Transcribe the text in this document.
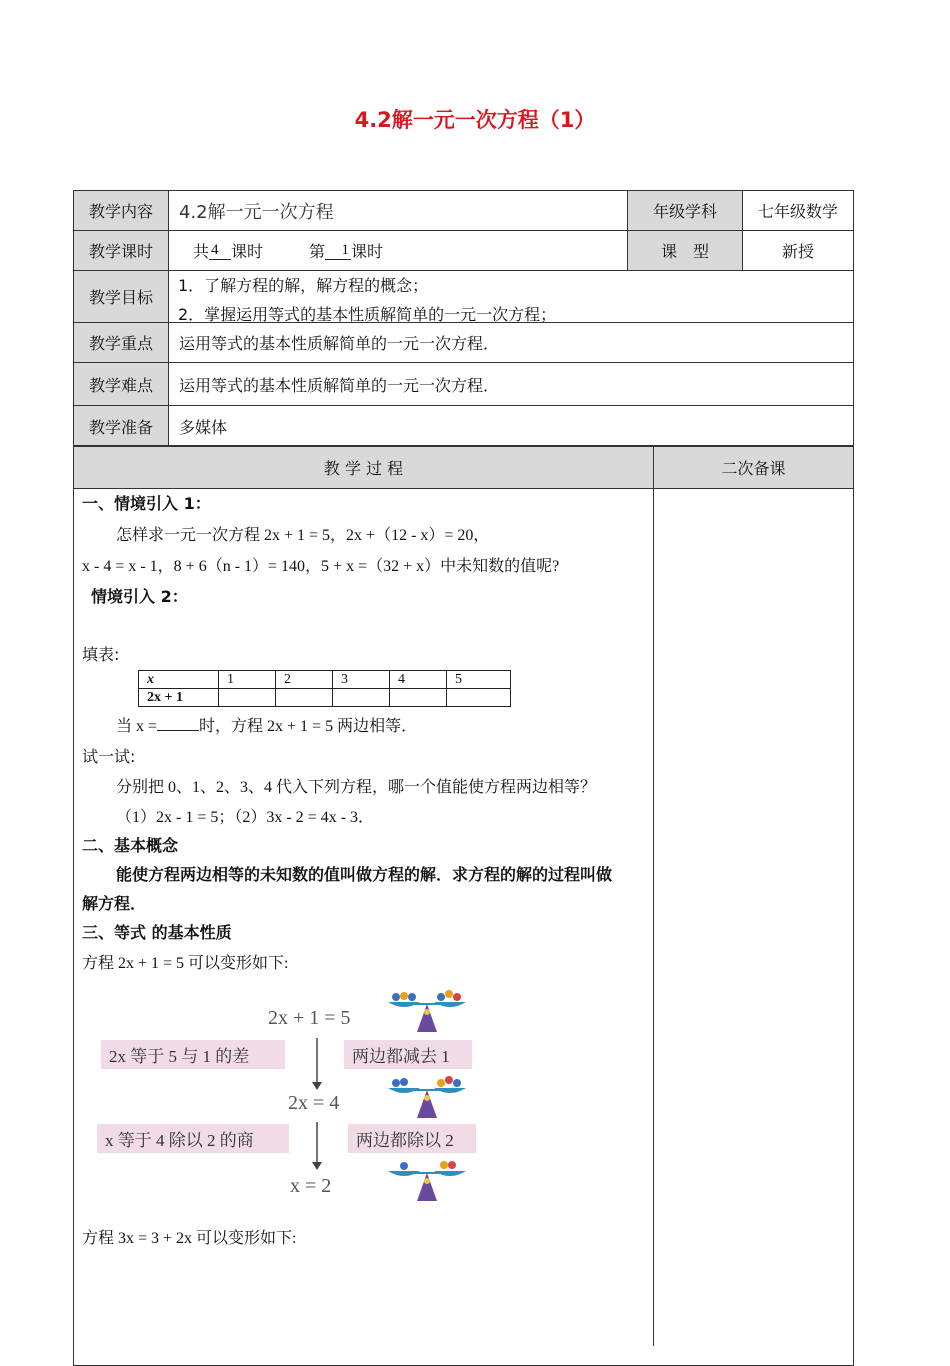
4.2解一元一次方程（1）
教学内容	4.2解一元一次方程	年级学科	七年级数学
教学课时	共 4 课时	第	1 课时	课　型	新授
教学目标
1．了解方程的解，解方程的概念；
2．掌握运用等式的基本性质解简单的一元一次方程；
教学重点	运用等式的基本性质解简单的一元一次方程．
教学难点	运用等式的基本性质解简单的一元一次方程．
教学准备	多媒体
教 学 过 程	二次备课
一、情境引入 1：
怎样求一元一次方程 2x + 1 = 5，2x +（12 - x）= 20，
x - 4 = x - 1，8 + 6（n - 1）= 140，5 + x =（32 + x）中未知数的值呢?
情境引入 2：
填表:
x	1	2	3	4	5
2x + 1					
当 x =	时，方程 2x + 1 = 5 两边相等．
试一试:
分别把 0、1、2、3、4 代入下列方程，哪一个值能使方程两边相等？
（1）2x - 1 = 5；（2）3x - 2 = 4x - 3．
二、基本概念
能使方程两边相等的未知数的值叫做方程的解．求方程的解的过程叫做
解方程．
三、等式 的基本性质
方程 2x + 1 = 5 可以变形如下:
2x + 1 = 5
2x = 4
x = 2
2x 等于 5 与 1 的差	两边都减去 1
x 等于 4 除以 2 的商	两边都除以 2
方程 3x = 3 + 2x 可以变形如下:
